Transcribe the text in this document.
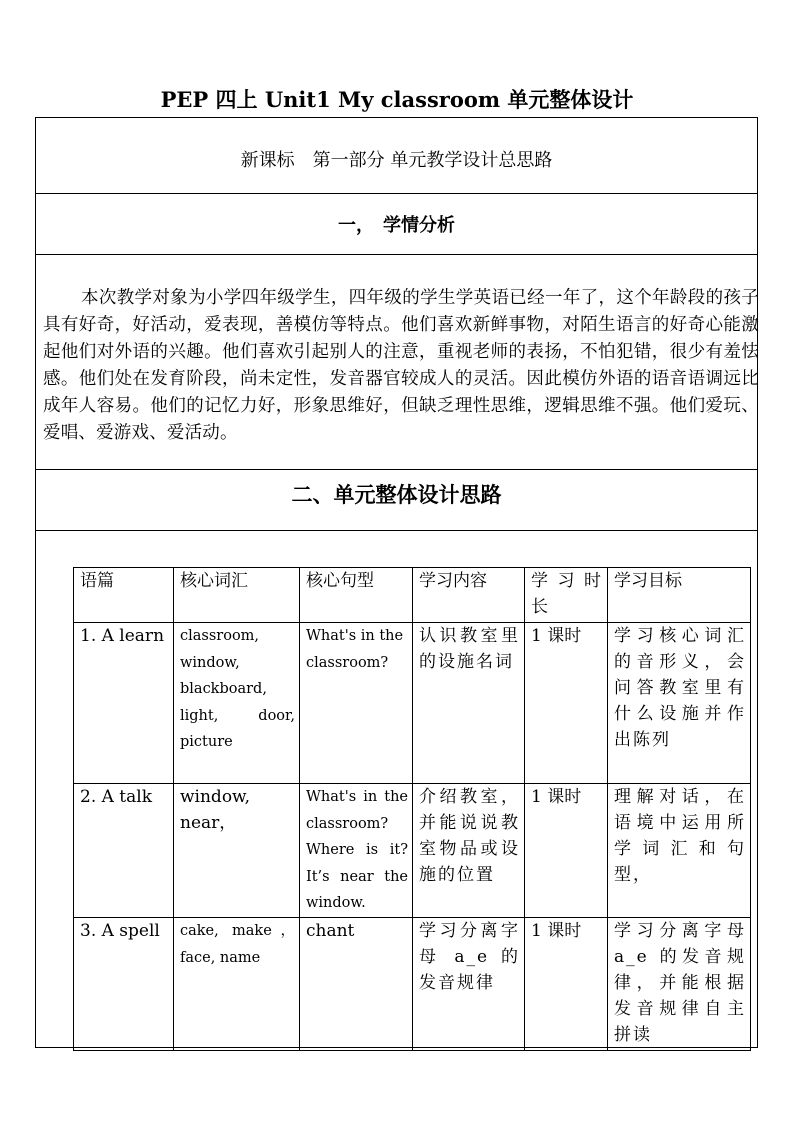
PEP 四上 Unit1 My classroom 单元整体设计
新课标　第一部分 单元教学设计总思路
一，　学情分析
本次教学对象为小学四年级学生，四年级的学生学英语已经一年了，这个年龄段的孩子具有好奇，好活动，爱表现，善模仿等特点。他们喜欢新鲜事物，对陌生语言的好奇心能激起他们对外语的兴趣。他们喜欢引起别人的注意，重视老师的表扬，不怕犯错，很少有羞怯感。他们处在发育阶段，尚未定性，发音器官较成人的灵活。因此模仿外语的语音语调远比成年人容易。他们的记忆力好，形象思维好，但缺乏理性思维，逻辑思维不强。他们爱玩、爱唱、爱游戏、爱活动。
二、单元整体设计思路
语篇	核心词汇	核心句型	学习内容	学习时长	学习目标
1. A learn	classroom, window, blackboard, light, door, picture	What's in the classroom?	认识教室里的设施名词	1 课时	学习核心词汇的音形义，会问答教室里有什么设施并作出陈列
2. A talk	window, near，	What's in the classroom? Where is it? It’s near the window.	介绍教室，并能说说教室物品或设施的位置	1 课时	理解对话，在语境中运用所学词汇和句型，
3. A spell	cake, make，face, name	chant	学习分离字母 a_e 的发音规律	1 课时	学习分离字母 a_e 的发音规律，并能根据发音规律自主拼读
